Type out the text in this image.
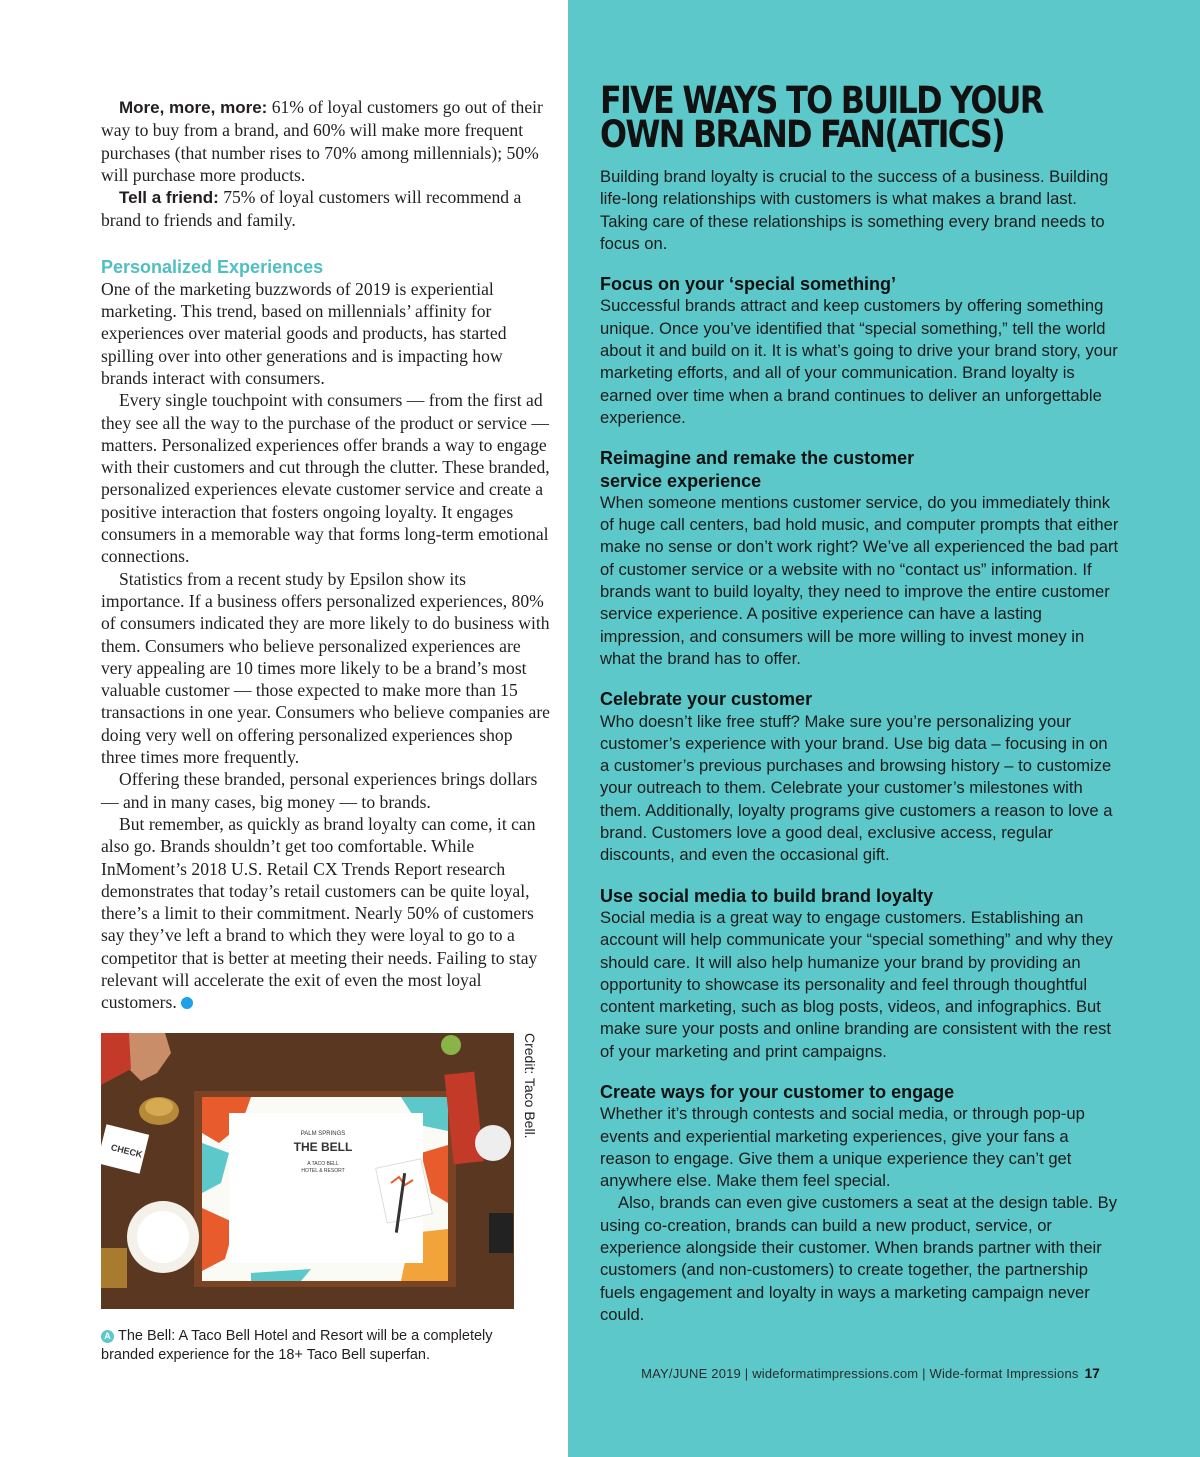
More, more, more: 61% of loyal customers go out of their way to buy from a brand, and 60% will make more frequent purchases (that number rises to 70% among millennials); 50% will purchase more products.

Tell a friend: 75% of loyal customers will recommend a brand to friends and family.

Personalized Experiences

One of the marketing buzzwords of 2019 is experiential marketing. This trend, based on millennials’ affinity for experiences over material goods and products, has started spilling over into other generations and is impacting how brands interact with consumers.

Every single touchpoint with consumers — from the first ad they see all the way to the purchase of the product or service — matters. Personalized experiences offer brands a way to engage with their customers and cut through the clutter. These branded, personalized experiences elevate customer service and create a positive interaction that fosters ongoing loyalty. It engages consumers in a memorable way that forms long-term emotional connections.

Statistics from a recent study by Epsilon show its importance. If a business offers personalized experiences, 80% of consumers indicated they are more likely to do business with them. Consumers who believe personalized experiences are very appealing are 10 times more likely to be a brand’s most valuable customer — those expected to make more than 15 transactions in one year. Consumers who believe companies are doing very well on offering personalized experiences shop three times more frequently.

Offering these branded, personal experiences brings dollars — and in many cases, big money — to brands.

But remember, as quickly as brand loyalty can come, it can also go. Brands shouldn’t get too comfortable. While InMoment’s 2018 U.S. Retail CX Trends Report research demonstrates that today’s retail customers can be quite loyal, there’s a limit to their commitment. Nearly 50% of customers say they’ve left a brand to which they were loyal to go to a competitor that is better at meeting their needs. Failing to stay relevant will accelerate the exit of even the most loyal customers.

PALM SPRINGS
THE BELL
A TACO BELL
HOTEL & RESORT
CHECK
Credit: Taco Bell.
A The Bell: A Taco Bell Hotel and Resort will be a completely branded experience for the 18+ Taco Bell superfan.
FIVE WAYS TO BUILD YOUR OWN BRAND FAN(ATICS)

Building brand loyalty is crucial to the success of a business. Building life-long relationships with customers is what makes a brand last. Taking care of these relationships is something every brand needs to focus on.

Focus on your ‘special something’

Successful brands attract and keep customers by offering something unique. Once you’ve identified that “special something,” tell the world about it and build on it. It is what’s going to drive your brand story, your marketing efforts, and all of your communication. Brand loyalty is earned over time when a brand continues to deliver an unforgettable experience.

Reimagine and remake the customer service experience

When someone mentions customer service, do you immediately think of huge call centers, bad hold music, and computer prompts that either make no sense or don’t work right? We’ve all experienced the bad part of customer service or a website with no “contact us” information. If brands want to build loyalty, they need to improve the entire customer service experience. A positive experience can have a lasting impression, and consumers will be more willing to invest money in what the brand has to offer.

Celebrate your customer

Who doesn’t like free stuff? Make sure you’re personalizing your customer’s experience with your brand. Use big data – focusing in on a customer’s previous purchases and browsing history – to customize your outreach to them. Celebrate your customer’s milestones with them. Additionally, loyalty programs give customers a reason to love a brand. Customers love a good deal, exclusive access, regular discounts, and even the occasional gift.

Use social media to build brand loyalty

Social media is a great way to engage customers. Establishing an account will help communicate your “special something” and why they should care. It will also help humanize your brand by providing an opportunity to showcase its personality and feel through thoughtful content marketing, such as blog posts, videos, and infographics. But make sure your posts and online branding are consistent with the rest of your marketing and print campaigns.

Create ways for your customer to engage

Whether it’s through contests and social media, or through pop-up events and experiential marketing experiences, give your fans a reason to engage. Give them a unique experience they can’t get anywhere else. Make them feel special.

Also, brands can even give customers a seat at the design table. By using co-creation, brands can build a new product, service, or experience alongside their customer. When brands partner with their customers (and non-customers) to create together, the partnership fuels engagement and loyalty in ways a marketing campaign never could.

MAY/JUNE 2019 | wideformatimpressions.com | Wide-format Impressions 17
